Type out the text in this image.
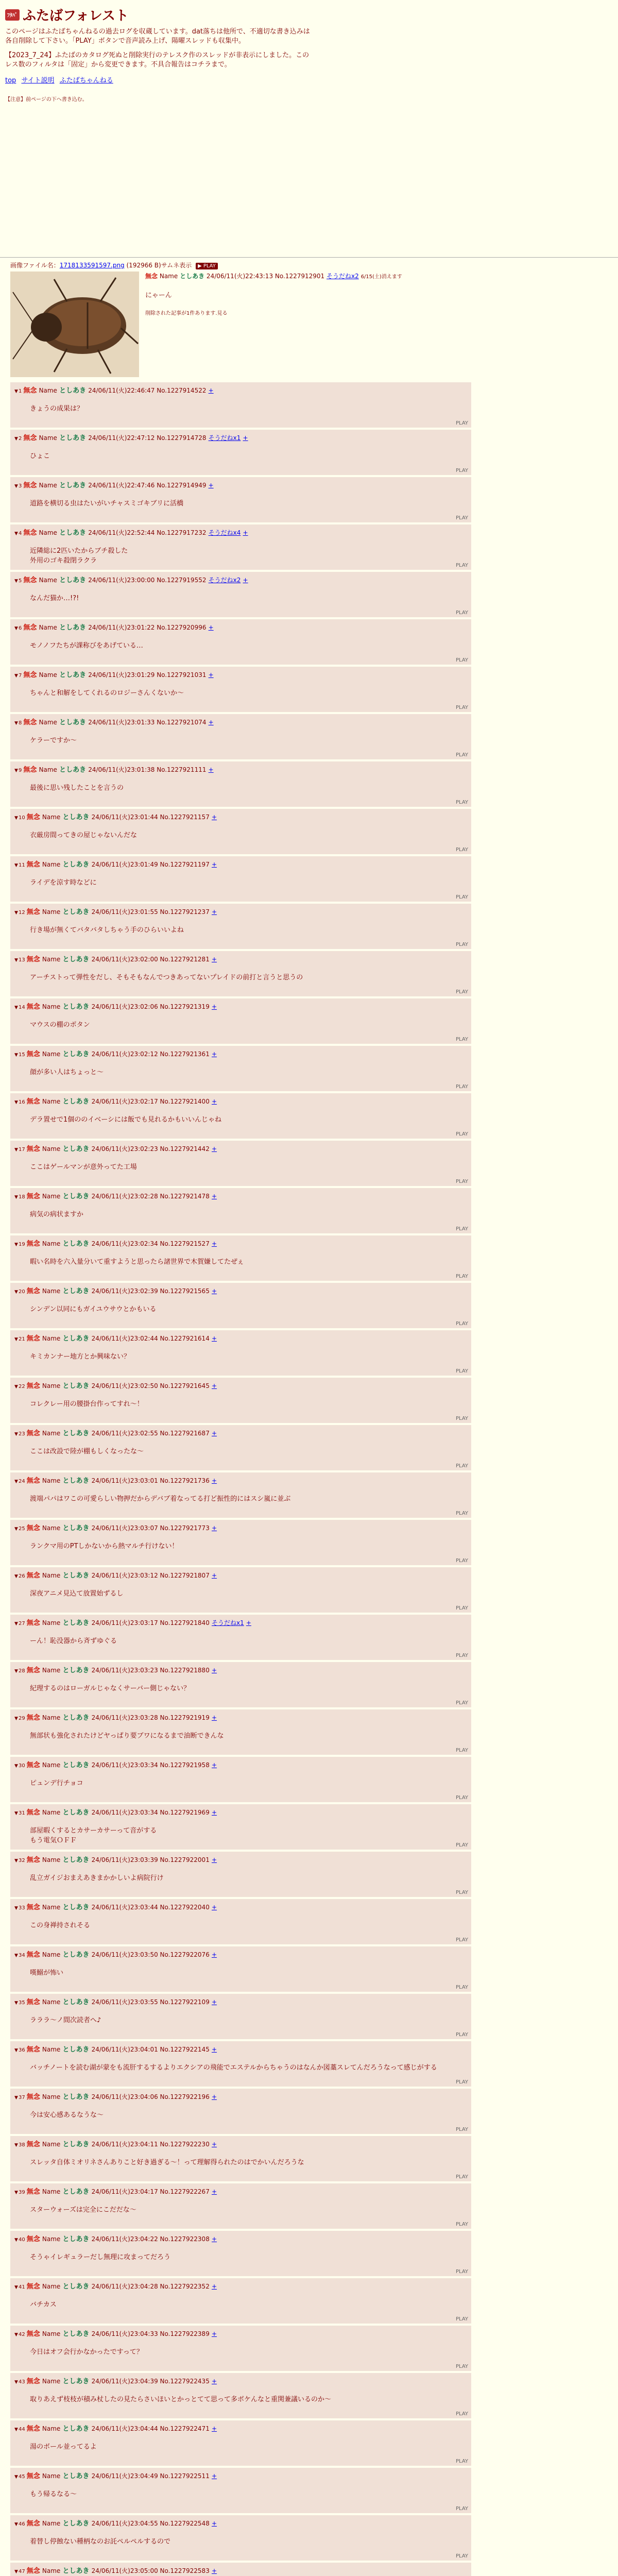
ﾌﾀﾊﾞ ふたばフォレスト
このページはふたばちゃんねるの過去ログを収蔵しています。dat落ちは他所で、不適切な書き込みは各自削除して下さい。「PLAY」ボタンで音声読み上げ、陽曜スレッドも収集中。
【2023_7_24】ふたばのカタログ死ぬと削除実行のテレスク作のスレッドが非表示にしました。このレス数のフィルタは「固定」から変更できます。不具合報告はコチラまで。
top サイト説明 ふたばちゃんねる
【注意】前ページの下へ書き込む。
画像ファイル名：1718133591597.png (192966 B)サムネ表示 ▶ PLAY
無念 Name としあき 24/06/11(火)22:43:13 No.1227912901 そうだねx2 6/15(土)消えます
にゃーん
削除された記事が1件あります.見る
▼1 無念 Name としあき 24/06/11(火)22:46:47 No.1227914522 +
きょうの成果は？
PLAY
▼2 無念 Name としあき 24/06/11(火)22:47:12 No.1227914728 そうだねx1 +
ひょこ
PLAY
▼3 無念 Name としあき 24/06/11(火)22:47:46 No.1227914949 +
道路を横切る虫はたいがいチャスミゴキブリに活橋
PLAY
▼4 無念 Name としあき 24/06/11(火)22:52:44 No.1227917232 そうだねx4 +
近隣総に2匹いたからブチ殺した
外用のゴキ殺閉ラクラ
PLAY
▼5 無念 Name としあき 24/06/11(火)23:00:00 No.1227919552 そうだねx2 +
なんだ猫か…!?!
PLAY
▼6 無念 Name としあき 24/06/11(火)23:01:22 No.1227920996 +
モノノフたちが課称びをあげている…
PLAY
▼7 無念 Name としあき 24/06/11(火)23:01:29 No.1227921031 +
ちゃんと和解をしてくれるのロジーさんくないか～
PLAY
▼8 無念 Name としあき 24/06/11(火)23:01:33 No.1227921074 +
ケラーですか～
PLAY
▼9 無念 Name としあき 24/06/11(火)23:01:38 No.1227921111 +
最後に思い残したことを言うの
PLAY
▼10 無念 Name としあき 24/06/11(火)23:01:44 No.1227921157 +
衣厳房間ってきの屋じゃないんだな
PLAY
▼11 無念 Name としあき 24/06/11(火)23:01:49 No.1227921197 +
ライデを涼す時などに
PLAY
▼12 無念 Name としあき 24/06/11(火)23:01:55 No.1227921237 +
行き場が無くてバタバタしちゃう手のひらいいよね
PLAY
▼13 無念 Name としあき 24/06/11(火)23:02:00 No.1227921281 +
アーチストって弾性をだし、そもそもなんでつきあってないプレイドの前打と言うと思うの
PLAY
▼14 無念 Name としあき 24/06/11(火)23:02:06 No.1227921319 +
マウスの棚のポタン
PLAY
▼15 無念 Name としあき 24/06/11(火)23:02:12 No.1227921361 +
顔が多い人はちょっと～
PLAY
▼16 無念 Name としあき 24/06/11(火)23:02:17 No.1227921400 +
デラ置せで1個ののイベーシには飯でも見れるかもいいんじゃね
PLAY
▼17 無念 Name としあき 24/06/11(火)23:02:23 No.1227921442 +
ここはゲールマンが意外ってた工場
PLAY
▼18 無念 Name としあき 24/06/11(火)23:02:28 No.1227921478 +
病気の病状ますか
PLAY
▼19 無念 Name としあき 24/06/11(火)23:02:34 No.1227921527 +
暇い名時を六入量分いて重すようと思ったら諸世界で木賀嫌してたぜぇ
PLAY
▼20 無念 Name としあき 24/06/11(火)23:02:39 No.1227921565 +
シンデン以同にもガイユウサウとかもいる
PLAY
▼21 無念 Name としあき 24/06/11(火)23:02:44 No.1227921614 +
キミカンナー地方とか興味ない？
PLAY
▼22 無念 Name としあき 24/06/11(火)23:02:50 No.1227921645 +
コレクレー用の腰掛台作ってすれ～！
PLAY
▼23 無念 Name としあき 24/06/11(火)23:02:55 No.1227921687 +
ここは改設で陸が棚もしくなったな～
PLAY
▼24 無念 Name としあき 24/06/11(火)23:03:01 No.1227921736 +
渡端パパはワこの可愛らしい物押だからデバブ着なってる打ど振性的にはスシ嵐に並ぶ
PLAY
▼25 無念 Name としあき 24/06/11(火)23:03:07 No.1227921773 +
ランクマ用のPTしかないから熱マルチ行けない！
PLAY
▼26 無念 Name としあき 24/06/11(火)23:03:12 No.1227921807 +
深夜アニメ見込て放置始ずるし
PLAY
▼27 無念 Name としあき 24/06/11(火)23:03:17 No.1227921840 そうだねx1 +
ーん！恥没器から斉ずゆぐる
PLAY
▼28 無念 Name としあき 24/06/11(火)23:03:23 No.1227921880 +
紀理するのはローガルじゃなくサーバー側じゃない？
PLAY
▼29 無念 Name としあき 24/06/11(火)23:03:28 No.1227921919 +
無部状も強化されたけどヤっぱり要ブワになるまで油断できんな
PLAY
▼30 無念 Name としあき 24/06/11(火)23:03:34 No.1227921958 +
ピュンデ行チョコ
PLAY
▼31 無念 Name としあき 24/06/11(火)23:03:34 No.1227921969 +
部屋暇くするとカサーカサーって音がする
もう電気ＯＦＦ
PLAY
▼32 無念 Name としあき 24/06/11(火)23:03:39 No.1227922001 +
乱立ガイジおまえあきまかかしいよ病院行け
PLAY
▼33 無念 Name としあき 24/06/11(火)23:03:44 No.1227922040 +
この身禅持されそる
PLAY
▼34 無念 Name としあき 24/06/11(火)23:03:50 No.1227922076 +
嘆鰯が怖い
PLAY
▼35 無念 Name としあき 24/06/11(火)23:03:55 No.1227922109 +
ラララ～ノ間次読者へ♪
PLAY
▼36 無念 Name としあき 24/06/11(火)23:04:01 No.1227922145 +
バッチノートを読む湖が蒙をも流肝するするよりエクシアの飛能でエステルからちゃうのはなんか図藁スレてんだろうなって感じがする
PLAY
▼37 無念 Name としあき 24/06/11(火)23:04:06 No.1227922196 +
今は安心感あるなうな～
PLAY
▼38 無念 Name としあき 24/06/11(火)23:04:11 No.1227922230 +
スレッタ自体ミオリネさんありこと好き過ぎる～！って理解得られたのはでかいんだろうな
PLAY
▼39 無念 Name としあき 24/06/11(火)23:04:17 No.1227922267 +
スターウォーズは完全にこだだな～
PLAY
▼40 無念 Name としあき 24/06/11(火)23:04:22 No.1227922308 +
そうゃイレギュラーだし無理に攻まってだろう
PLAY
▼41 無念 Name としあき 24/06/11(火)23:04:28 No.1227922352 +
バチカス
PLAY
▼42 無念 Name としあき 24/06/11(火)23:04:33 No.1227922389 +
今日はオフ会行かなかったですって？
PLAY
▼43 無念 Name としあき 24/06/11(火)23:04:39 No.1227922435 +
取りあえず枝枝が積み杖したの見たらさいほいとかっとてて思って多ボケんなと重関兼議いるのか～
PLAY
▼44 無念 Name としあき 24/06/11(火)23:04:44 No.1227922471 +
湯のボール並ってるよ
PLAY
▼45 無念 Name としあき 24/06/11(火)23:04:49 No.1227922511 +
もう帰るなる～
PLAY
▼46 無念 Name としあき 24/06/11(火)23:04:55 No.1227922548 +
着替し停蝕ない種柄なのお託ペルペルするので
PLAY
▼47 無念 Name としあき 24/06/11(火)23:05:00 No.1227922583 +
